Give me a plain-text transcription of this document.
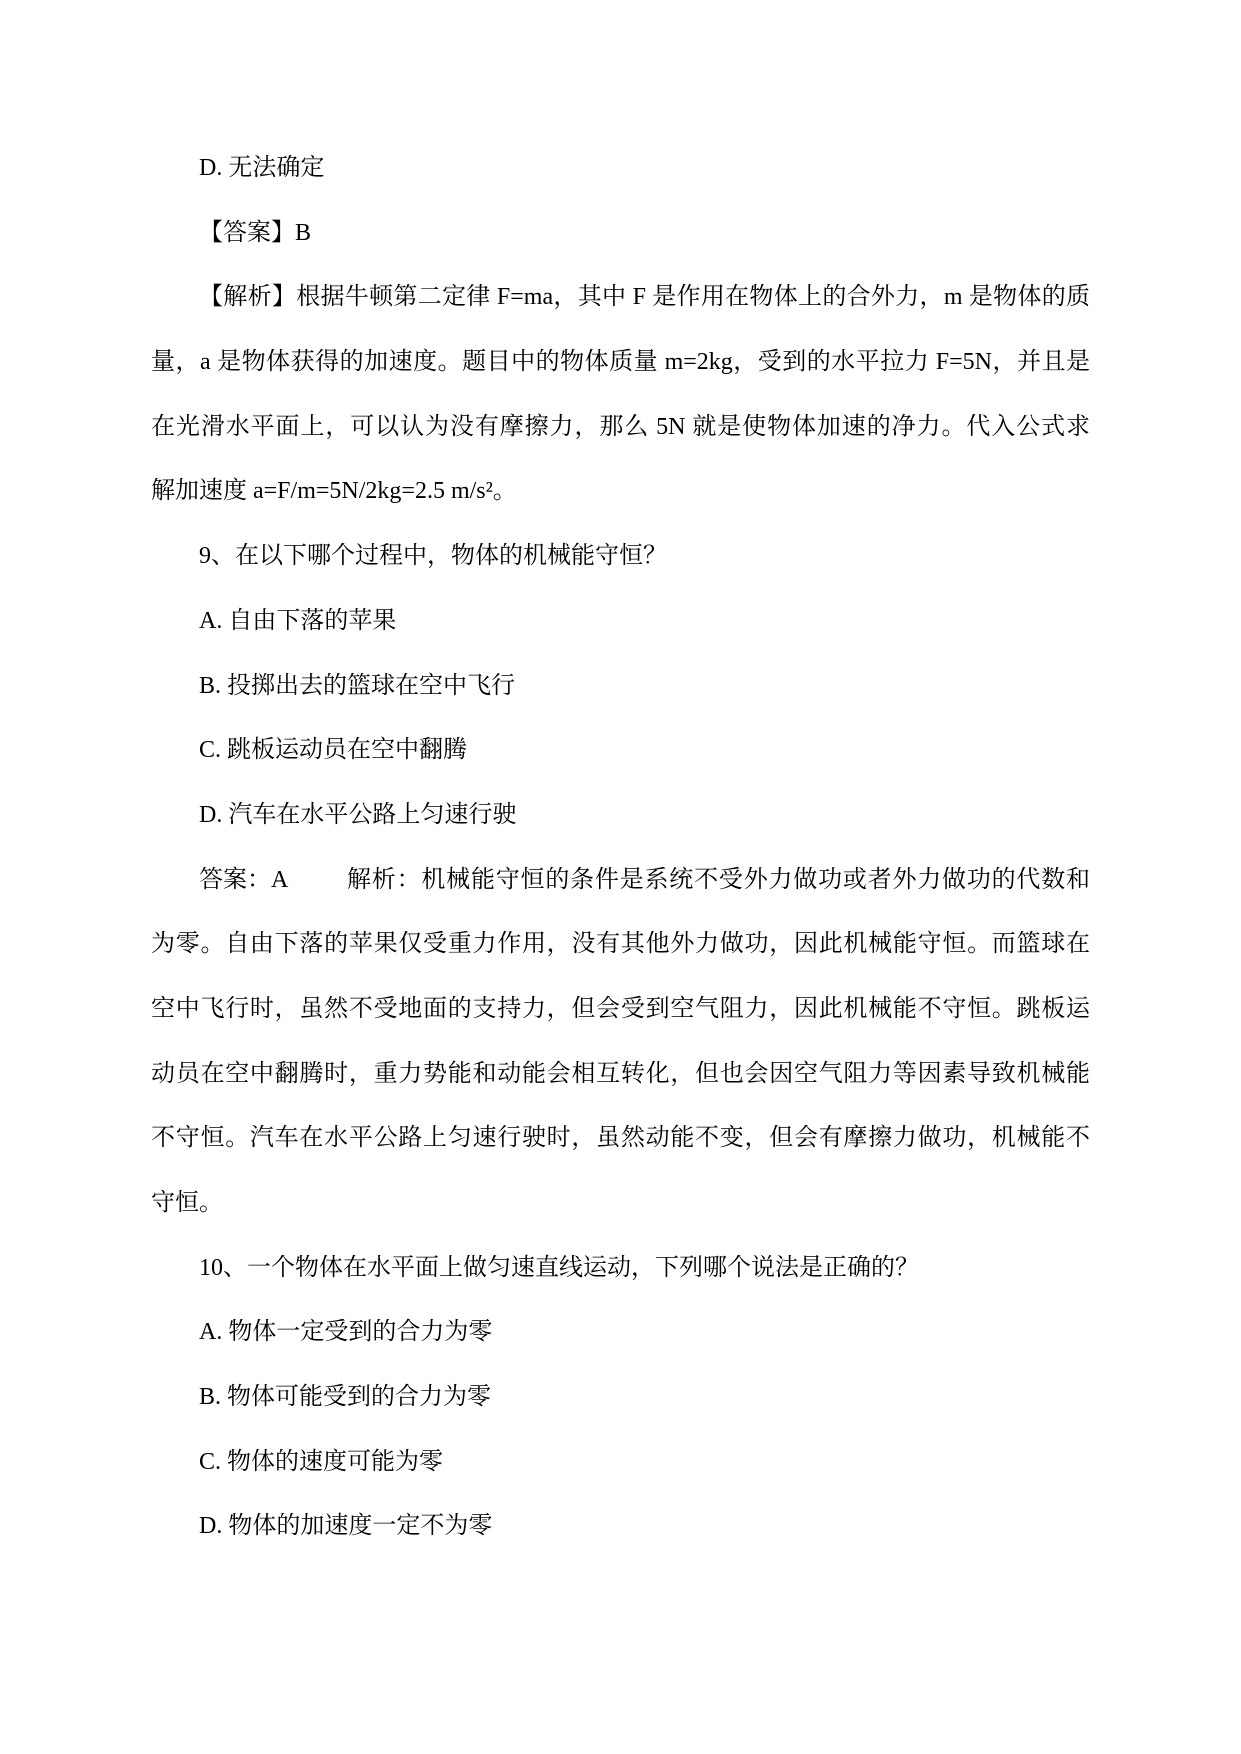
D. 无法确定
【答案】B
【解析】根据牛顿第二定律 F=ma，其中 F 是作用在物体上的合外力，m 是物体的质
量，a 是物体获得的加速度。题目中的物体质量 m=2kg，受到的水平拉力 F=5N，并且是
在光滑水平面上，可以认为没有摩擦力，那么 5N 就是使物体加速的净力。代入公式求
解加速度 a=F/m=5N/2kg=2.5 m/s²。
9、在以下哪个过程中，物体的机械能守恒？
A. 自由下落的苹果
B. 投掷出去的篮球在空中飞行
C. 跳板运动员在空中翻腾
D. 汽车在水平公路上匀速行驶
答案：A	解析：机械能守恒的条件是系统不受外力做功或者外力做功的代数和
为零。自由下落的苹果仅受重力作用，没有其他外力做功，因此机械能守恒。而篮球在
空中飞行时，虽然不受地面的支持力，但会受到空气阻力，因此机械能不守恒。跳板运
动员在空中翻腾时，重力势能和动能会相互转化，但也会因空气阻力等因素导致机械能
不守恒。汽车在水平公路上匀速行驶时，虽然动能不变，但会有摩擦力做功，机械能不
守恒。
10、一个物体在水平面上做匀速直线运动，下列哪个说法是正确的？
A. 物体一定受到的合力为零
B. 物体可能受到的合力为零
C. 物体的速度可能为零
D. 物体的加速度一定不为零
